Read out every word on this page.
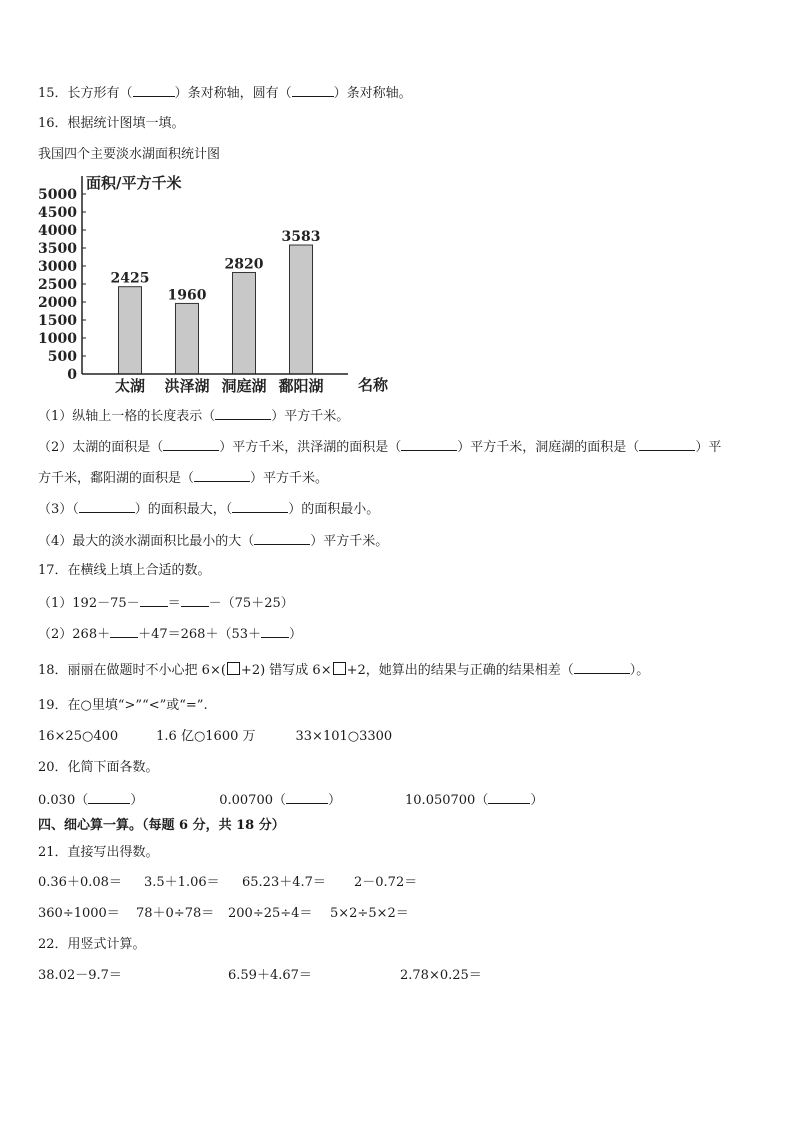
15．长方形有（	）条对称轴，圆有（	）条对称轴。
16．根据统计图填一填。
我国四个主要淡水湖面积统计图
0
500
1000
1500
2000
2500
3000
3500
4000
4500
5000
2425
太湖
1960
洪泽湖
2820
洞庭湖
3583
鄱阳湖
面积/平方千米
名称
（1）纵轴上一格的长度表示（	）平方千米。
（2）太湖的面积是（	）平方千米，洪泽湖的面积是（	）平方千米，洞庭湖的面积是（	）平
方千米，鄱阳湖的面积是（	）平方千米。
（3）（	）的面积最大，（	）的面积最小。
（4）最大的淡水湖面积比最小的大（	）平方千米。
17．在横线上填上合适的数。
（1）192－75－ ＝ －（75＋25）
（2）268＋ ＋47＝268＋（53＋ ）
18．丽丽在做题时不小心把 6×( +2) 错写成 6× +2，她算出的结果与正确的结果相差（	）。
19．在○里填“>”“<”或“=”.
16×25○400	1.6 亿○1600 万	33×101○3300
20．化简下面各数。
0.030（	）	0.00700（	）	10.050700（	）
四、细心算一算。（每题 6 分，共 18 分）
21．直接写出得数。
0.36＋0.08＝ 3.5＋1.06＝ 65.23＋4.7＝ 2－0.72＝
360÷1000＝ 78＋0÷78＝ 200÷25÷4＝ 5×2÷5×2＝
22．用竖式计算。
38.02－9.7＝	6.59＋4.67＝	2.78×0.25＝
